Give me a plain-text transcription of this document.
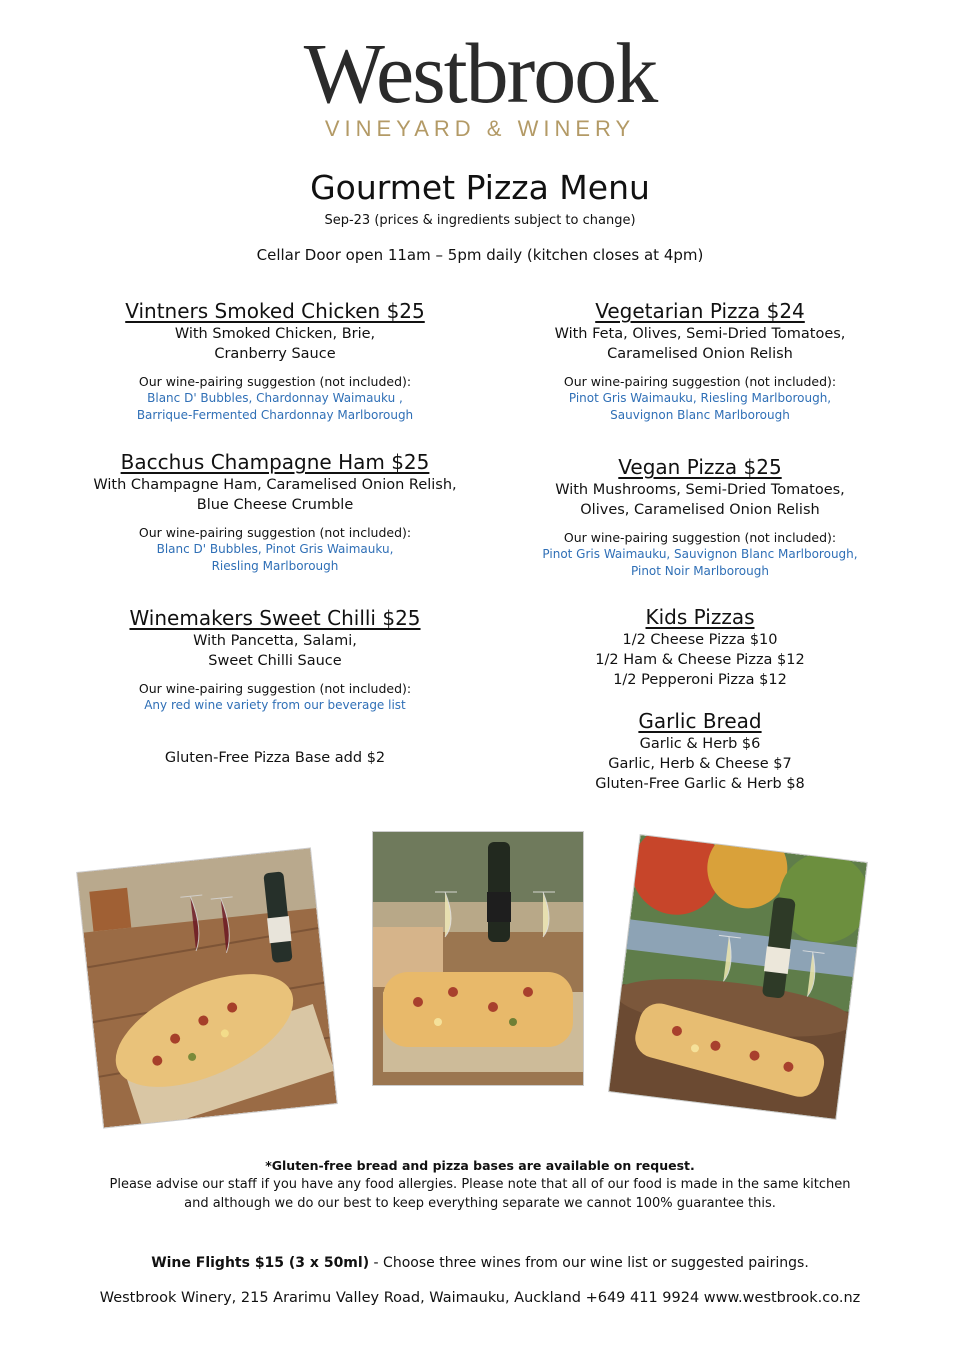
Westbrook
VINEYARD & WINERY
Gourmet Pizza Menu
Sep-23 (prices & ingredients subject to change)
Cellar Door open 11am – 5pm daily (kitchen closes at 4pm)
Vintners Smoked Chicken $25
With Smoked Chicken, Brie,
Cranberry Sauce
Our wine-pairing suggestion (not included):
Blanc D' Bubbles, Chardonnay Waimauku ,
Barrique-Fermented Chardonnay Marlborough
Bacchus Champagne Ham $25
With Champagne Ham, Caramelised Onion Relish,
Blue Cheese Crumble
Our wine-pairing suggestion (not included):
Blanc D' Bubbles, Pinot Gris Waimauku,
Riesling Marlborough
Winemakers Sweet Chilli $25
With Pancetta, Salami,
Sweet Chilli Sauce
Our wine-pairing suggestion (not included):
Any red wine variety from our beverage list
Gluten-Free Pizza Base add $2
Vegetarian Pizza $24
With Feta, Olives, Semi-Dried Tomatoes,
Caramelised Onion Relish
Our wine-pairing suggestion (not included):
Pinot Gris Waimauku, Riesling Marlborough,
Sauvignon Blanc Marlborough
Vegan Pizza $25
With Mushrooms, Semi-Dried Tomatoes,
Olives, Caramelised Onion Relish
Our wine-pairing suggestion (not included):
Pinot Gris Waimauku, Sauvignon Blanc Marlborough,
Pinot Noir Marlborough
Kids Pizzas
1/2 Cheese Pizza $10
1/2 Ham & Cheese Pizza $12
1/2 Pepperoni Pizza $12
Garlic Bread
Garlic & Herb $6
Garlic, Herb & Cheese $7
Gluten-Free Garlic & Herb $8
*Gluten-free bread and pizza bases are available on request.
Please advise our staff if you have any food allergies. Please note that all of our food is made in the same kitchen
and although we do our best to keep everything separate we cannot 100% guarantee this.
Wine Flights $15 (3 x 50ml) - Choose three wines from our wine list or suggested pairings.
Westbrook Winery, 215 Ararimu Valley Road, Waimauku, Auckland +649 411 9924 www.westbrook.co.nz
